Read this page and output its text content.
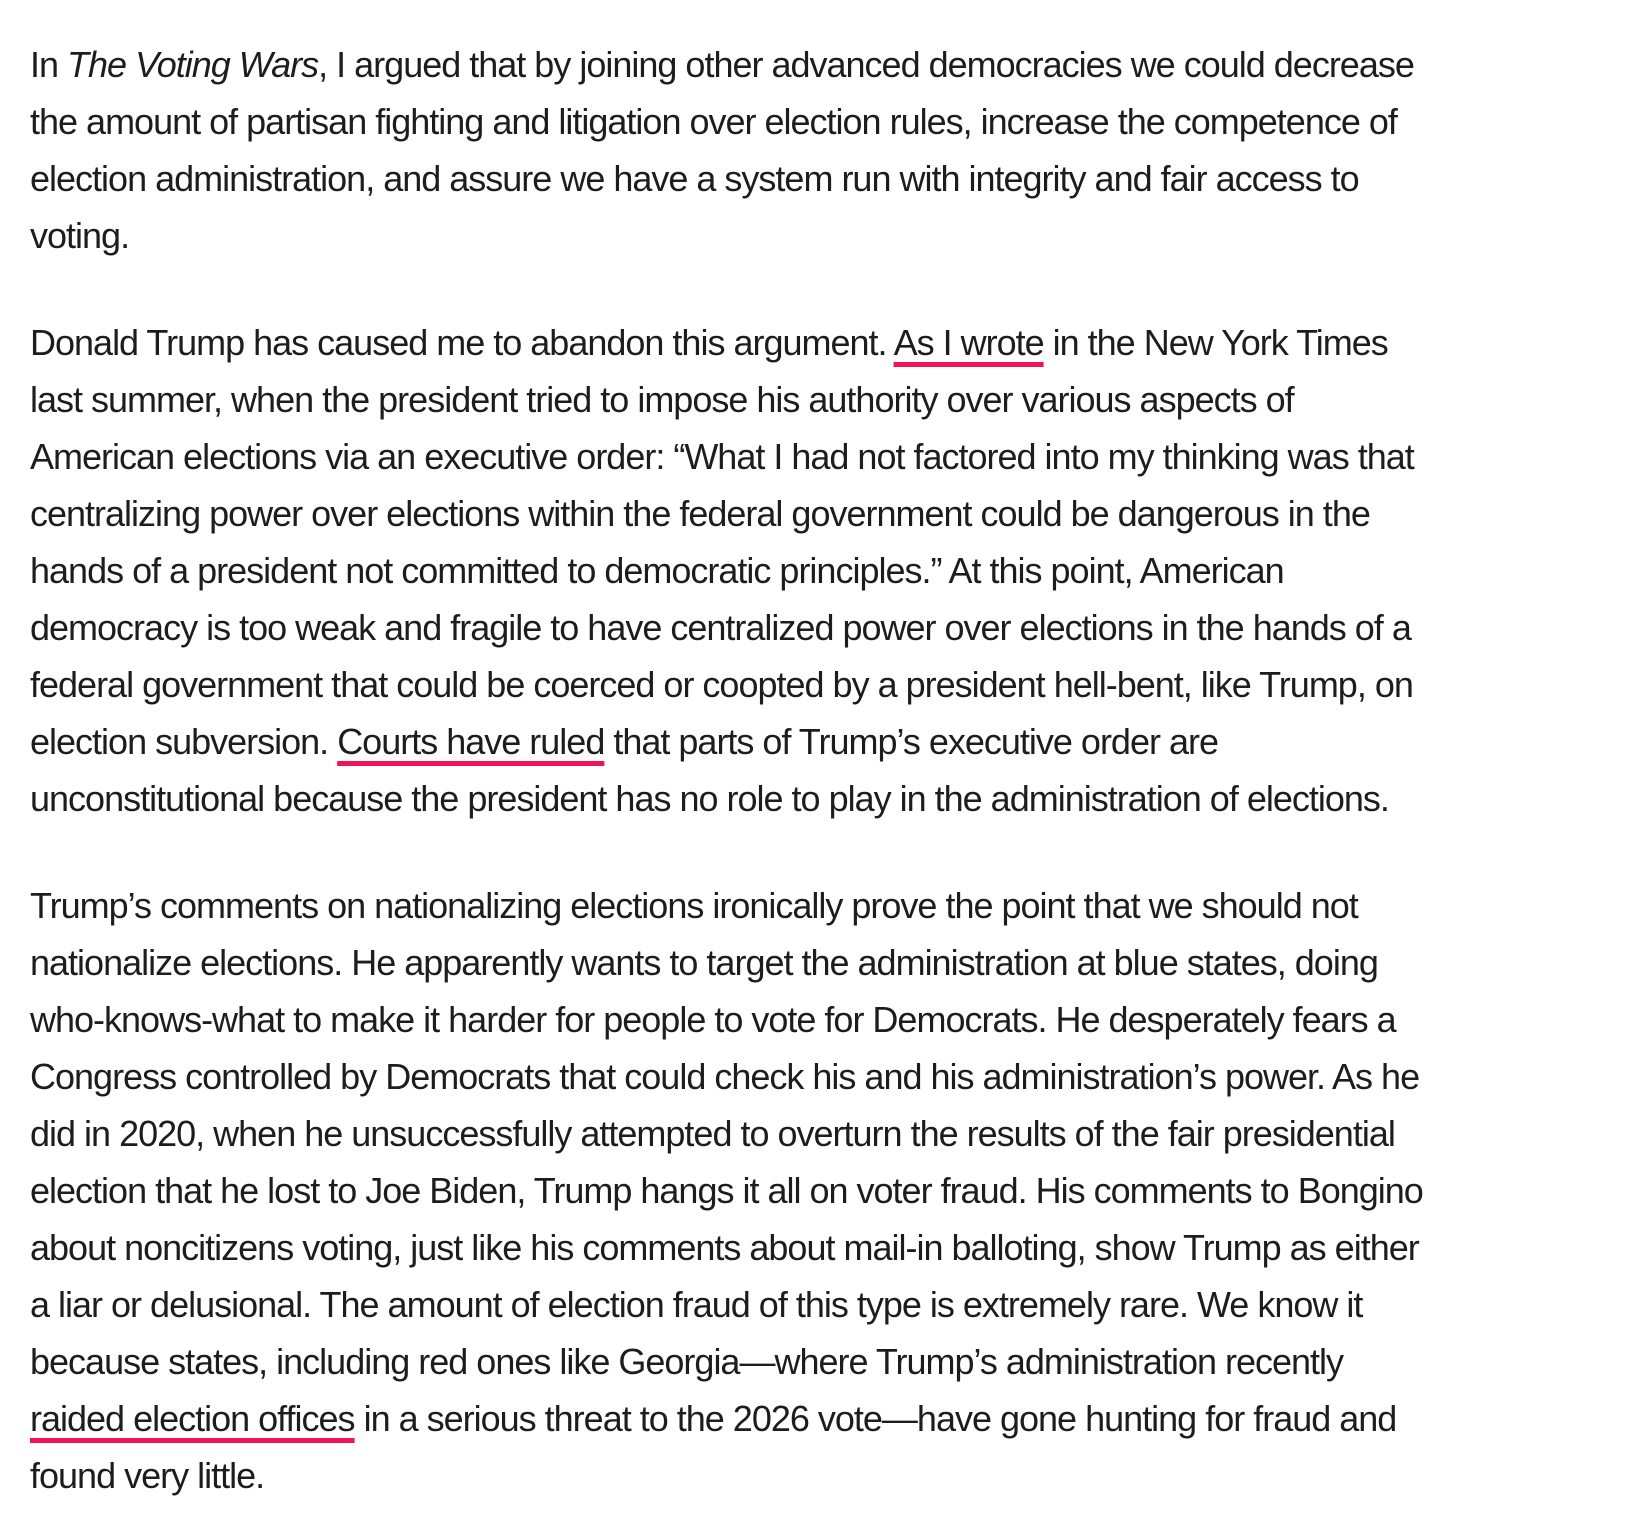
In The Voting Wars, I argued that by joining other advanced democracies we could decrease
the amount of partisan fighting and litigation over election rules, increase the competence of
election administration, and assure we have a system run with integrity and fair access to
voting.

Donald Trump has caused me to abandon this argument. As I wrote in the New York Times
last summer, when the president tried to impose his authority over various aspects of
American elections via an executive order: “What I had not factored into my thinking was that
centralizing power over elections within the federal government could be dangerous in the
hands of a president not committed to democratic principles.” At this point, American
democracy is too weak and fragile to have centralized power over elections in the hands of a
federal government that could be coerced or coopted by a president hell-bent, like Trump, on
election subversion. Courts have ruled that parts of Trump’s executive order are
unconstitutional because the president has no role to play in the administration of elections.

Trump’s comments on nationalizing elections ironically prove the point that we should not
nationalize elections. He apparently wants to target the administration at blue states, doing
who-knows-what to make it harder for people to vote for Democrats. He desperately fears a
Congress controlled by Democrats that could check his and his administration’s power. As he
did in 2020, when he unsuccessfully attempted to overturn the results of the fair presidential
election that he lost to Joe Biden, Trump hangs it all on voter fraud. His comments to Bongino
about noncitizens voting, just like his comments about mail-in balloting, show Trump as either
a liar or delusional. The amount of election fraud of this type is extremely rare. We know it
because states, including red ones like Georgia—where Trump’s administration recently
raided election offices in a serious threat to the 2026 vote—have gone hunting for fraud and
found very little.
